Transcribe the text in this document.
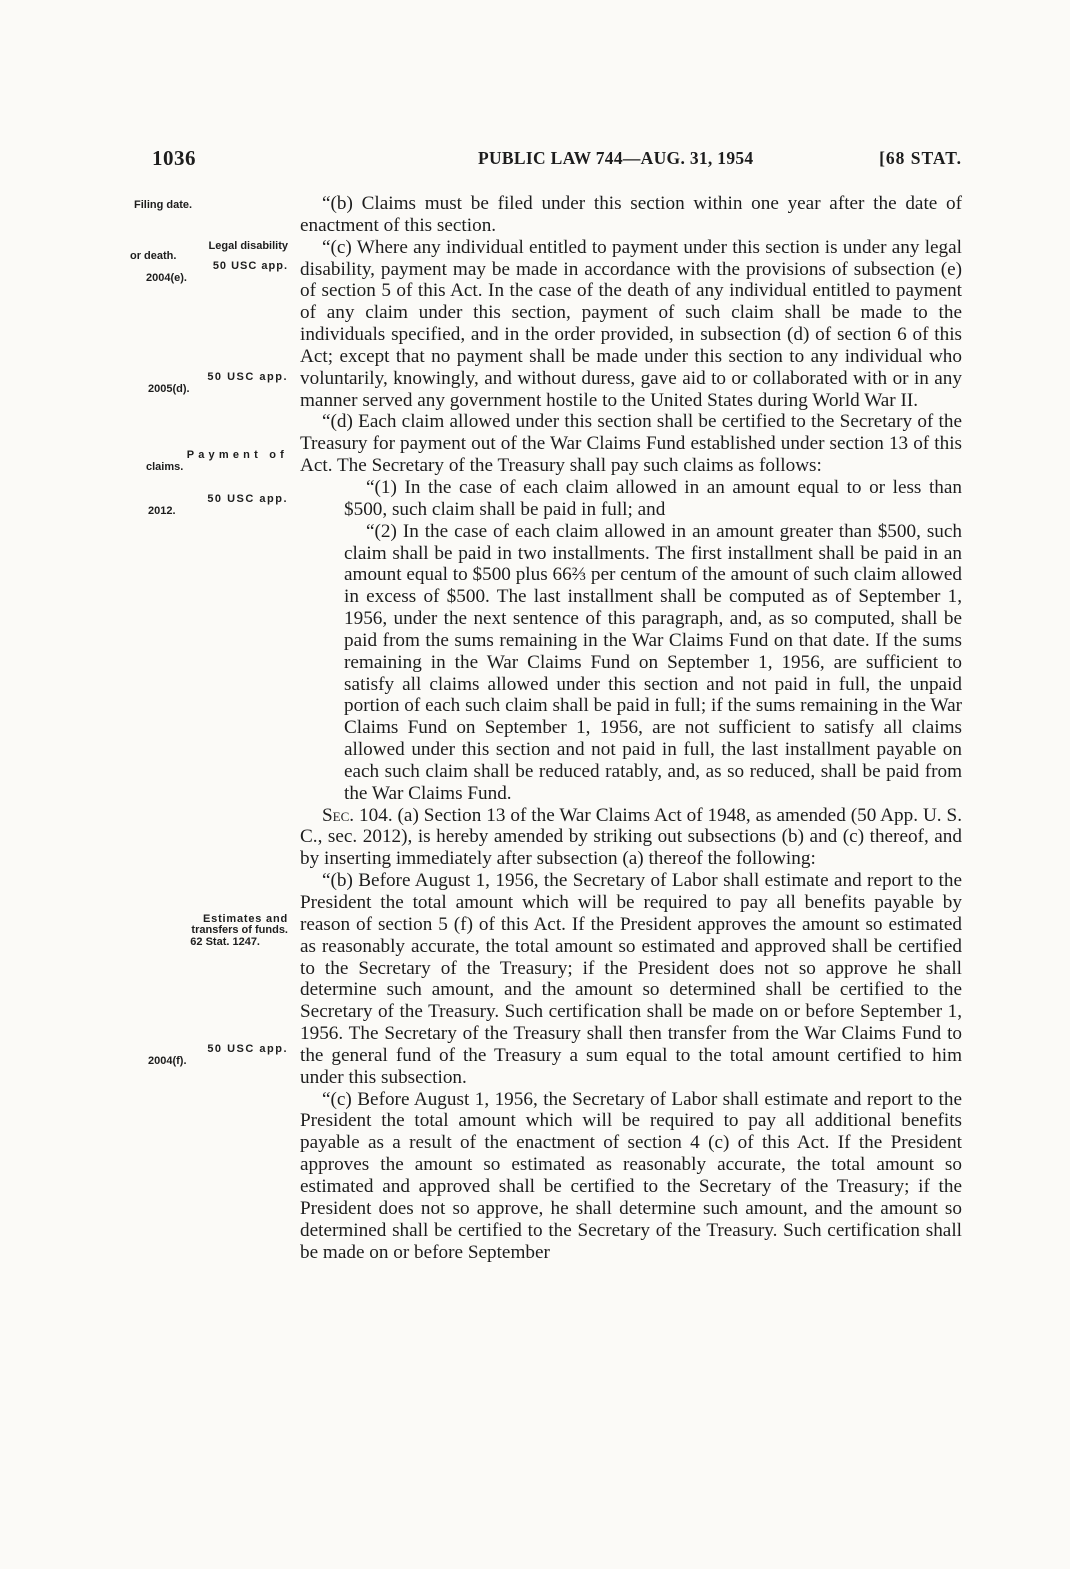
1036	PUBLIC LAW 744—AUG. 31, 1954	[68 STAT.
Filing date.
Legal disability
or death.
50 USC app.
2004(e).
50 USC app.
2005(d).
Payment of
claims.
50 USC app.
2012.
Estimates and
transfers of funds.
62 Stat. 1247.
50 USC app.
2004(f).

“(b) Claims must be filed under this section within one year after the date of enactment of this section.

“(c) Where any individual entitled to payment under this section is under any legal disability, payment may be made in accordance with the provisions of subsection (e) of section 5 of this Act. In the case of the death of any individual entitled to payment of any claim under this section, payment of such claim shall be made to the individuals specified, and in the order provided, in subsection (d) of section 6 of this Act; except that no payment shall be made under this section to any individual who voluntarily, knowingly, and without duress, gave aid to or collaborated with or in any manner served any government hostile to the United States during World War II.

“(d) Each claim allowed under this section shall be certified to the Secretary of the Treasury for payment out of the War Claims Fund established under section 13 of this Act. The Secretary of the Treasury shall pay such claims as follows:

“(1) In the case of each claim allowed in an amount equal to or less than $500, such claim shall be paid in full; and

“(2) In the case of each claim allowed in an amount greater than $500, such claim shall be paid in two installments. The first installment shall be paid in an amount equal to $500 plus 66⅔ per centum of the amount of such claim allowed in excess of $500. The last installment shall be computed as of September 1, 1956, under the next sentence of this paragraph, and, as so computed, shall be paid from the sums remaining in the War Claims Fund on that date. If the sums remaining in the War Claims Fund on September 1, 1956, are sufficient to satisfy all claims allowed under this section and not paid in full, the unpaid portion of each such claim shall be paid in full; if the sums remaining in the War Claims Fund on September 1, 1956, are not sufficient to satisfy all claims allowed under this section and not paid in full, the last installment payable on each such claim shall be reduced ratably, and, as so reduced, shall be paid from the War Claims Fund.

Sec. 104. (a) Section 13 of the War Claims Act of 1948, as amended (50 App. U. S. C., sec. 2012), is hereby amended by striking out subsections (b) and (c) thereof, and by inserting immediately after subsection (a) thereof the following:

“(b) Before August 1, 1956, the Secretary of Labor shall estimate and report to the President the total amount which will be required to pay all benefits payable by reason of section 5 (f) of this Act. If the President approves the amount so estimated as reasonably accurate, the total amount so estimated and approved shall be certified to the Secretary of the Treasury; if the President does not so approve he shall determine such amount, and the amount so determined shall be certified to the Secretary of the Treasury. Such certification shall be made on or before September 1, 1956. The Secretary of the Treasury shall then transfer from the War Claims Fund to the general fund of the Treasury a sum equal to the total amount certified to him under this subsection.

“(c) Before August 1, 1956, the Secretary of Labor shall estimate and report to the President the total amount which will be required to pay all additional benefits payable as a result of the enactment of section 4 (c) of this Act. If the President approves the amount so estimated as reasonably accurate, the total amount so estimated and approved shall be certified to the Secretary of the Treasury; if the President does not so approve, he shall determine such amount, and the amount so determined shall be certified to the Secretary of the Treasury. Such certification shall be made on or before September
